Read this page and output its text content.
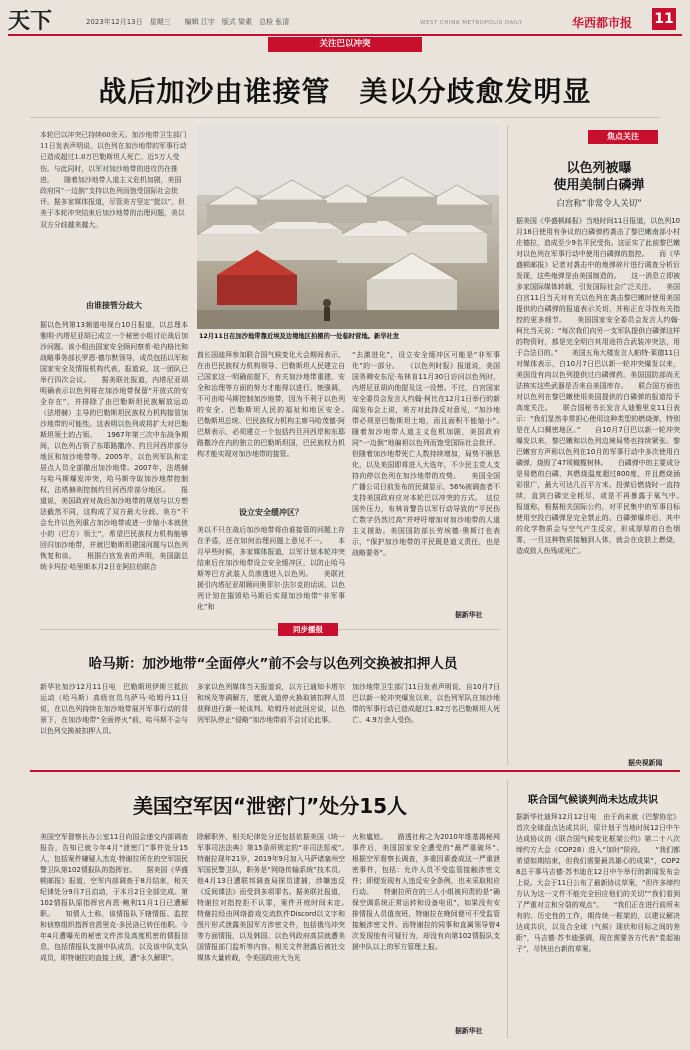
天下	2023年12月13日　星期三　　编辑 江宇　版式 梁素　总检 张清	WEST CHINA METROPOLIS DAILY	华西都市报 11
关注巴以冲突
战后加沙由谁接管　美以分歧愈发明显
本轮巴以冲突已持续60余天。加沙地带卫生部门11日发表声明说，以色列在加沙地带的军事行动已造成超过1.8万巴勒斯坦人死亡、近5万人受伤。与此同时，以军对加沙地带的进攻仍在推进。　　随着加沙地带人道主义危机加剧，美国政府同“一边倒”支持以色列而饱受国际社会批评。据多家媒体报道，尽管美方坚定“挺以”，但美于本轮冲突结束后加沙地带的治理问题，美以双方分歧越来越大。
由谁接管分歧大
据以色列第13频道电视台10日报道，以总理本雅明·内塔尼亚胡已成立一个秘密小组讨论战后加沙问题。该小组由国家安全顾问察希·哈内格比和战略事务部长罗恩·德尔默领导，成员包括以军和国家安全及情报机构代表。报道说，这一团队已举行四次会议。　　据美联社报道，内塔尼亚胡明确表示以色列将在加沙地带保留“开放式的安全存在”，并排除了由巴勒斯坦民族解放运动（法塔赫）主导的巴勒斯坦民族权力机构接管加沙地带的可能性。这表明以色列或将扩大对巴勒斯坦领土的占领。　　1967年第三次中东战争期间，以色列占领了东耶路撒冷、约旦河西岸部分地区和加沙地带等。2005年，以色列军队和定居点人员全部撤出加沙地带。2007年，法塔赫与哈马斯爆发冲突，哈马斯夺取加沙地带控制权，法塔赫则控制约旦河西岸部分地区。　　报道说，美国政府对战后加沙地带的规划与以方想法截然不同，这构成了双方最大分歧。美方“不会允许以色列重占加沙地带或进一步缩小本就狭小的（巴方）领土”，希望巴民族权力机构能够回归加沙地带，并就巴勒斯坦建国问题与以色列恢复和谈。　　根据白宫发表的声明，美国副总统卡玛拉·哈里斯本月2日在阿拉伯联合
12月11日在加沙地带靠近埃及边境地区拍摄的一处临时营地。新华社发
酋长国迪拜参加联合国气候变化大会期间表示，在由巴民族权力机构领导、巴勒斯坦人民建立自己国家这一明确前提下，有关加沙地带重建、安全和治理等方面的努力才能得以进行。她强调，不可由哈马斯控制加沙地带，因为不利于以色列的安全、巴勒斯坦人民的福祉和地区安全。　　巴勒斯坦总统、巴民族权力机构主席马哈茂德·阿巴斯表示，必须建立一个包括约旦河西岸和东耶路撒冷在内的独立的巴勒斯坦国，巴民族权力机构才能实现对加沙地带的接管。
设立安全缓冲区？
美以不只在战后加沙地带将由谁接管的问题上存在矛盾，还在如何治理问题上意见不一。　　本月早些时候，多家媒体报道，以军计划本轮冲突结束后在加沙地带设立安全缓冲区，以防止哈马斯等巴方武装人员渗透进入以色列。　　美联社援引内塔尼亚胡顾问奥菲尔·法尔克的话说，以色列计划在摧毁哈马斯后实现加沙地带“非军事化”和
“去激进化”，设立安全缓冲区可能是“非军事化”的一部分。　　《以色列时报》报道说，美国国务卿安东尼·布林肯11月30日访问以色列时，内塔尼亚胡向他提及这一设想。不过，白宫国家安全委员会发言人约翰·柯比在12月1日举行的新闻发布会上说，美方对此持反对意见，“加沙地带必须是巴勒斯坦土地，而且面积不能缩小”。　　随着加沙地带人道主义危机加剧，美国政府同“一边倒”地偏袒以色列而饱受国际社会批评。但随着加沙地带死亡人数持续增加，局势不断恶化，以及美国即将进入大选年，不少民主党人支持向停以色列在加沙地带的攻势。　　美国全国广播公司日前发布的民调显示，56%被调查者不支持美国政府应对本轮巴以冲突的方式。　这位国外压力，布林肯警告以军行动导致的“平民伤亡数字仍然过高”并呼吁增加对加沙地带的人道主义援助。美国国防部长劳埃德·奥斯汀也表示，“保护加沙地带的平民既是道义责任，也是战略要务”。
据新华社
焦点关注
以色列被曝
使用美制白磷弹
白宫称“非常令人关切”
据美国《华盛顿邮报》当地时间11日报道，以色列10月16日使用有争议的白磷弹药袭击了黎巴嫩南部小村庄德拉，造成至少9名平民受伤。这证实了此前黎巴嫩对以色列在军事行动中使用白磷弹的指控。　　而《华盛顿邮报》记者对袭击中的炮弹碎片进行调查分析后发现，这些炮弹是由美国制造的。　　这一消息立即被多家国际媒体转载，引发国际社会广泛关注。　　美国白宫11日当天对有关以色列在袭击黎巴嫩时使用美国提供的白磷弹的报道表示关切，并称正在寻找有关指控的更多细节。　　美国国家安全委员会发言人约翰·柯比当天说：“每次我们向另一支军队提供白磷弹这样的物资时，都是完全明白其用途符合武装冲突法，用于合法目的。”　　美国五角大楼发言人帕特·莱德11日对媒体表示，白10月7日巴以新一轮冲突爆发以来，美国没有向以色列提供过白磷弹药。美国国防部尚无法核实这些武器是否来自美国库存。　　联合国方面也对以色列在黎巴嫩使用美国提供的白磷弹的报道给予高度关注。　　联合国秘书长发言人迪雅里克11日表示：“我们显然非常担心使用这种类型的燃烧弹，特别是在人口稠密地区。”　　自10月7日巴以新一轮冲突爆发以来，黎巴嫩和以色列边境局势也持续紧张。黎巴嫩官方声称以色列在10月的军事行动中多次使用白磷弹，烧毁了47顷橄榄树林。　　白磷弹中的主要成分是易燃的白磷，其燃烧温度超过800度，并且燃烧涵彩很广，最大可达几百平方米。投弹后燃烧时一直持续，直到白磷完全耗尽，或是不再暴露于氧气中。　　报道称，根据相关国际公约，对平民集中的军事目标使用空投白磷弹是完全禁止的。白磷弹爆炸后，其中的化学物质会与空气产生反应，形成厚厚的白色烟雾，一旦这种物质接触到人体，就会在皮肤上燃烧，造成致人伤残或死亡。
据央视新闻
同步播报
哈马斯：加沙地带“全面停火”前不会与以色列交换被扣押人员
新华社加沙12月11日电　巴勒斯坦伊斯兰抵抗运动（哈马斯）高级官员乌萨马·哈姆丹11日说，在以色列持续在加沙地带展开军事行动的背景下，在加沙地带“全面停火”前，哈马斯不会与以色列交换被扣押人员。
多家以色列媒体当天报道说，以方已通知卡塔尔和埃及等调解方，愿就人道停火换取被扣押人员获释进行新一轮谈判。哈姆丹对此回应说，以色列军队停止“侵略”加沙地带前不会讨论此事。
加沙地带卫生部门11日发表声明说，自10月7日巴以新一轮冲突爆发以来，以色列军队在加沙地带的军事行动已造成超过1.82万名巴勒斯坦人死亡、4.9万余人受伤。
美国空军因“泄密门”处分15人
美国空军督察长办公室11日向国会递交内部调查报告，告知已就今年4月“泄密门”事件处分15人，包括案件嫌疑人杰克·特谢拉所在的空军国民警卫队第102情报队的指挥官。　　据美国《华盛顿邮报》报道，空军内部调查于8月结束，相关纪律处分9月7日启动，于本月2日全部完成。第102情报队原指挥官肖恩·鲍利11月1日已遭解职。　　知情人士称，该情报队下辖情报、监控和侦察组织指挥官恩里克·多民洛已转任他职。今年4月遭曝光的秘密文件涉及高度机密的情报信息，包括情报队支援中队成员，以及该中队支队成员，即特谢拉的直接上级，遭“永久解职”。
除解职外，相关纪律处分还包括依据美国《统一军事司法法典》第15条所规定的“非司法惩戒”。　　特谢拉现年21岁，2019年9月加入马萨诸塞州空军国民警卫队，职务是“网络传输系统”技术员。他4月13日遭联邦调查局探员逮捕，涉嫌违反《反间谍法》而受到多项罪名。据美联社报道，特谢拉对指控拒不认罪，案件开庭时间未定。　　特谢拉经由网络游戏交流软件Discord以文字和图片形式泄露美国军方涉密文件，包括俄乌冲突等方面情报，以及韩国、以色列政府高层就遭美国情报部门监听等内容。相关文件泄露后被社交媒体大量转载，令美国政府大为光
火和尴尬。　　路透社称之为2010年维基揭秘网事件后，美国国家安全遭受的“最严重破坏”。　　根据空军督察长调查，多重因素叠成这一严重泄密事件，包括：允许人员不受监管接触涉密文件；即便发现有人违反安全条例，也未采取相应行动。　　特谢拉所在的三人小组被问责的是“确保空调系统正常运转和设备电讯”，如果没有安排情报人员值夜班，特谢拉在晚间便可不受监管接触涉密文件。而特谢拉的同事和直属领导曾4次发现他有可疑行为，却没有向第102情报队支援中队以上的军方管理上报。
据新华社
联合国气候谈判尚未达成共识
据新华社迪拜12月12日电　由于尚未就《巴黎协定》首次全球盘点达成共识，原计划于当地时间12日中午达成协议的《联合国气候变化框架公约》第二十八次缔约方大会（COP28）进入“加时”阶段。　　“我们都希望如期结束，但我们需要最具雄心的成果”，COP28总干事马吉德·苏韦迪在12日中午举行的新闻发布会上说。大会于11日公布了最新协议草案，“但许多缔约方认为这一文件不能完全回应他们的关切”“我们看到了严重对立和分裂的观点”。　　“我们正在进行前所未有的、历史性的工作，期待统一框架的，以建议解决达成共识，以及合全球（气候）现状和目标之间的差距”，马吉德·苏韦迪强调，现在需要各方代表“卷起袖子”，尽快出台新的草案。
